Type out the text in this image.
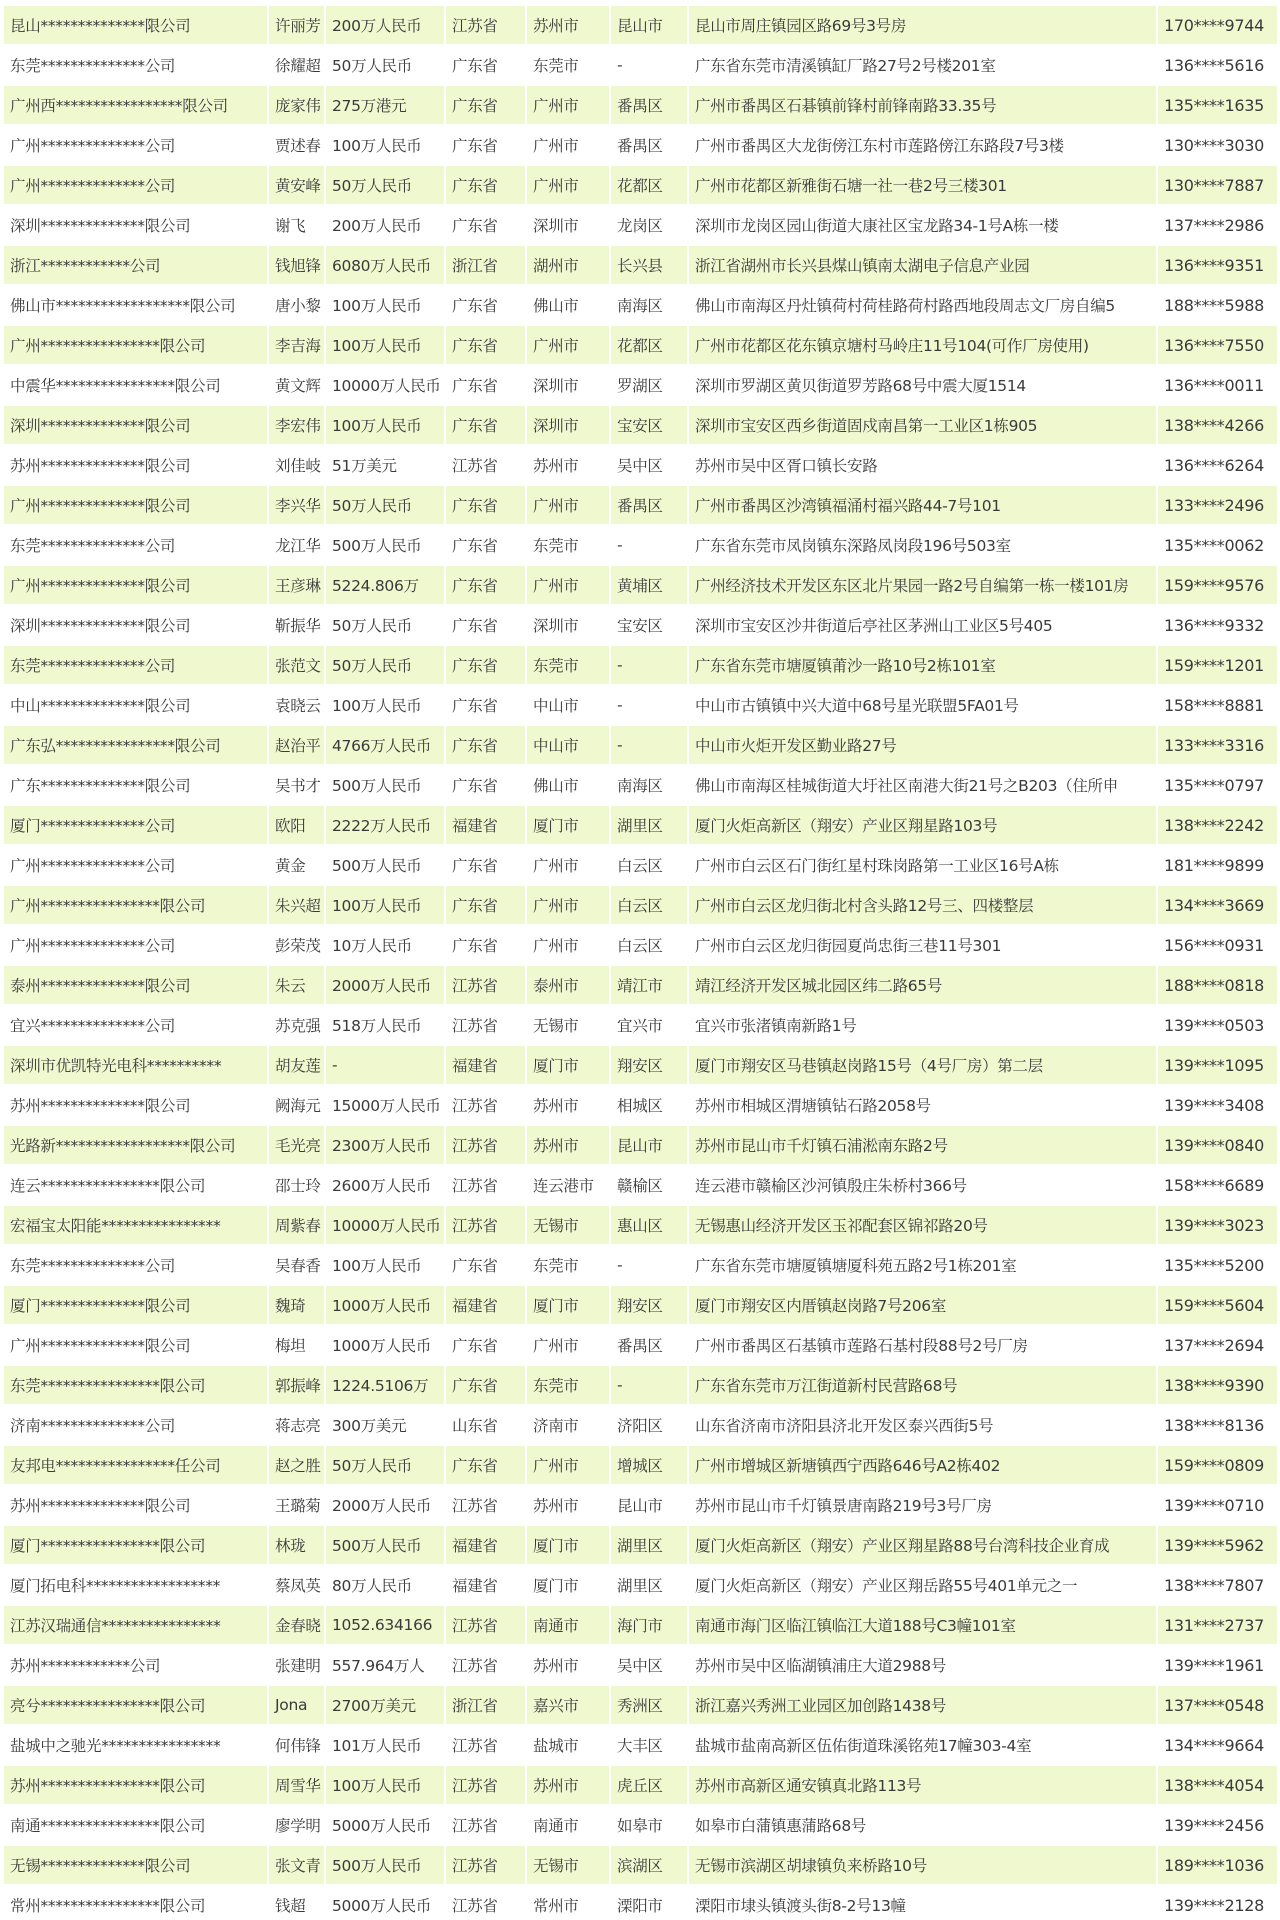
昆山**************限公司	许丽芳	200万人民币	江苏省	苏州市	昆山市	昆山市周庄镇园区路69号3号房	170****9744
东莞**************公司	徐耀超	50万人民币	广东省	东莞市	-	广东省东莞市清溪镇缸厂路27号2号楼201室	136****5616
广州西*****************限公司	庞家伟	275万港元	广东省	广州市	番禺区	广州市番禺区石碁镇前锋村前锋南路33.35号	135****1635
广州**************公司	贾述春	100万人民币	广东省	广州市	番禺区	广州市番禺区大龙街傍江东村市莲路傍江东路段7号3楼	130****3030
广州**************公司	黄安峰	50万人民币	广东省	广州市	花都区	广州市花都区新雅街石塘一社一巷2号三楼301	130****7887
深圳**************限公司	谢飞	200万人民币	广东省	深圳市	龙岗区	深圳市龙岗区园山街道大康社区宝龙路34-1号A栋一楼	137****2986
浙江************公司	钱旭锋	6080万人民币	浙江省	湖州市	长兴县	浙江省湖州市长兴县煤山镇南太湖电子信息产业园	136****9351
佛山市******************限公司	唐小黎	100万人民币	广东省	佛山市	南海区	佛山市南海区丹灶镇荷村荷桂路荷村路西地段周志文厂房自编5	188****5988
广州****************限公司	李吉海	100万人民币	广东省	广州市	花都区	广州市花都区花东镇京塘村马岭庄11号104(可作厂房使用)	136****7550
中震华****************限公司	黄文辉	10000万人民币	广东省	深圳市	罗湖区	深圳市罗湖区黄贝街道罗芳路68号中震大厦1514	136****0011
深圳**************限公司	李宏伟	100万人民币	广东省	深圳市	宝安区	深圳市宝安区西乡街道固戍南昌第一工业区1栋905	138****4266
苏州**************限公司	刘佳岐	51万美元	江苏省	苏州市	吴中区	苏州市吴中区胥口镇长安路	136****6264
广州**************限公司	李兴华	50万人民币	广东省	广州市	番禺区	广州市番禺区沙湾镇福涌村福兴路44-7号101	133****2496
东莞**************公司	龙江华	500万人民币	广东省	东莞市	-	广东省东莞市凤岗镇东深路凤岗段196号503室	135****0062
广州**************限公司	王彦琳	5224.806万	广东省	广州市	黄埔区	广州经济技术开发区东区北片果园一路2号自编第一栋一楼101房	159****9576
深圳**************限公司	靳振华	50万人民币	广东省	深圳市	宝安区	深圳市宝安区沙井街道后亭社区茅洲山工业区5号405	136****9332
东莞**************公司	张范文	50万人民币	广东省	东莞市	-	广东省东莞市塘厦镇莆沙一路10号2栋101室	159****1201
中山**************限公司	袁晓云	100万人民币	广东省	中山市	-	中山市古镇镇中兴大道中68号星光联盟5FA01号	158****8881
广东弘****************限公司	赵治平	4766万人民币	广东省	中山市	-	中山市火炬开发区勤业路27号	133****3316
广东**************限公司	吴书才	500万人民币	广东省	佛山市	南海区	佛山市南海区桂城街道大圩社区南港大街21号之B203（住所申	135****0797
厦门**************公司	欧阳	2222万人民币	福建省	厦门市	湖里区	厦门火炬高新区（翔安）产业区翔星路103号	138****2242
广州**************公司	黄金	500万人民币	广东省	广州市	白云区	广州市白云区石门街红星村珠岗路第一工业区16号A栋	181****9899
广州****************限公司	朱兴超	100万人民币	广东省	广州市	白云区	广州市白云区龙归街北村含头路12号三、四楼整层	134****3669
广州**************公司	彭荣茂	10万人民币	广东省	广州市	白云区	广州市白云区龙归街园夏尚忠街三巷11号301	156****0931
泰州**************限公司	朱云	2000万人民币	江苏省	泰州市	靖江市	靖江经济开发区城北园区纬二路65号	188****0818
宜兴**************公司	苏克强	518万人民币	江苏省	无锡市	宜兴市	宜兴市张渚镇南新路1号	139****0503
深圳市优凯特光电科**********	胡友莲	-	福建省	厦门市	翔安区	厦门市翔安区马巷镇赵岗路15号（4号厂房）第二层	139****1095
苏州**************限公司	阙海元	15000万人民币	江苏省	苏州市	相城区	苏州市相城区渭塘镇钻石路2058号	139****3408
光路新******************限公司	毛光亮	2300万人民币	江苏省	苏州市	昆山市	苏州市昆山市千灯镇石浦淞南东路2号	139****0840
连云****************限公司	邵士玲	2600万人民币	江苏省	连云港市	赣榆区	连云港市赣榆区沙河镇殷庄朱桥村366号	158****6689
宏福宝太阳能****************	周紫春	10000万人民币	江苏省	无锡市	惠山区	无锡惠山经济开发区玉祁配套区锦祁路20号	139****3023
东莞**************公司	吴春香	100万人民币	广东省	东莞市	-	广东省东莞市塘厦镇塘厦科苑五路2号1栋201室	135****5200
厦门**************限公司	魏琦	1000万人民币	福建省	厦门市	翔安区	厦门市翔安区内厝镇赵岗路7号206室	159****5604
广州**************限公司	梅坦	1000万人民币	广东省	广州市	番禺区	广州市番禺区石基镇市莲路石基村段88号2号厂房	137****2694
东莞****************限公司	郭振峰	1224.5106万	广东省	东莞市	-	广东省东莞市万江街道新村民营路68号	138****9390
济南**************公司	蒋志亮	300万美元	山东省	济南市	济阳区	山东省济南市济阳县济北开发区泰兴西街5号	138****8136
友邦电****************任公司	赵之胜	50万人民币	广东省	广州市	增城区	广州市增城区新塘镇西宁西路646号A2栋402	159****0809
苏州**************限公司	王璐菊	2000万人民币	江苏省	苏州市	昆山市	苏州市昆山市千灯镇景唐南路219号3号厂房	139****0710
厦门****************限公司	林珑	500万人民币	福建省	厦门市	湖里区	厦门火炬高新区（翔安）产业区翔星路88号台湾科技企业育成	139****5962
厦门拓电科******************	蔡凤英	80万人民币	福建省	厦门市	湖里区	厦门火炬高新区（翔安）产业区翔岳路55号401单元之一	138****7807
江苏汉瑞通信****************	金春晓	1052.634166	江苏省	南通市	海门市	南通市海门区临江镇临江大道188号C3幢101室	131****2737
苏州************公司	张建明	557.964万人	江苏省	苏州市	吴中区	苏州市吴中区临湖镇浦庄大道2988号	139****1961
亮兮****************限公司	Jona	2700万美元	浙江省	嘉兴市	秀洲区	浙江嘉兴秀洲工业园区加创路1438号	137****0548
盐城中之驰光****************	何伟锋	101万人民币	江苏省	盐城市	大丰区	盐城市盐南高新区伍佑街道珠溪铭苑17幢303-4室	134****9664
苏州****************限公司	周雪华	100万人民币	江苏省	苏州市	虎丘区	苏州市高新区通安镇真北路113号	138****4054
南通****************限公司	廖学明	5000万人民币	江苏省	南通市	如皋市	如皋市白蒲镇惠蒲路68号	139****2456
无锡**************限公司	张文青	500万人民币	江苏省	无锡市	滨湖区	无锡市滨湖区胡埭镇负来桥路10号	189****1036
常州****************限公司	钱超	5000万人民币	江苏省	常州市	溧阳市	溧阳市埭头镇渡头街8-2号13幢	139****2128
